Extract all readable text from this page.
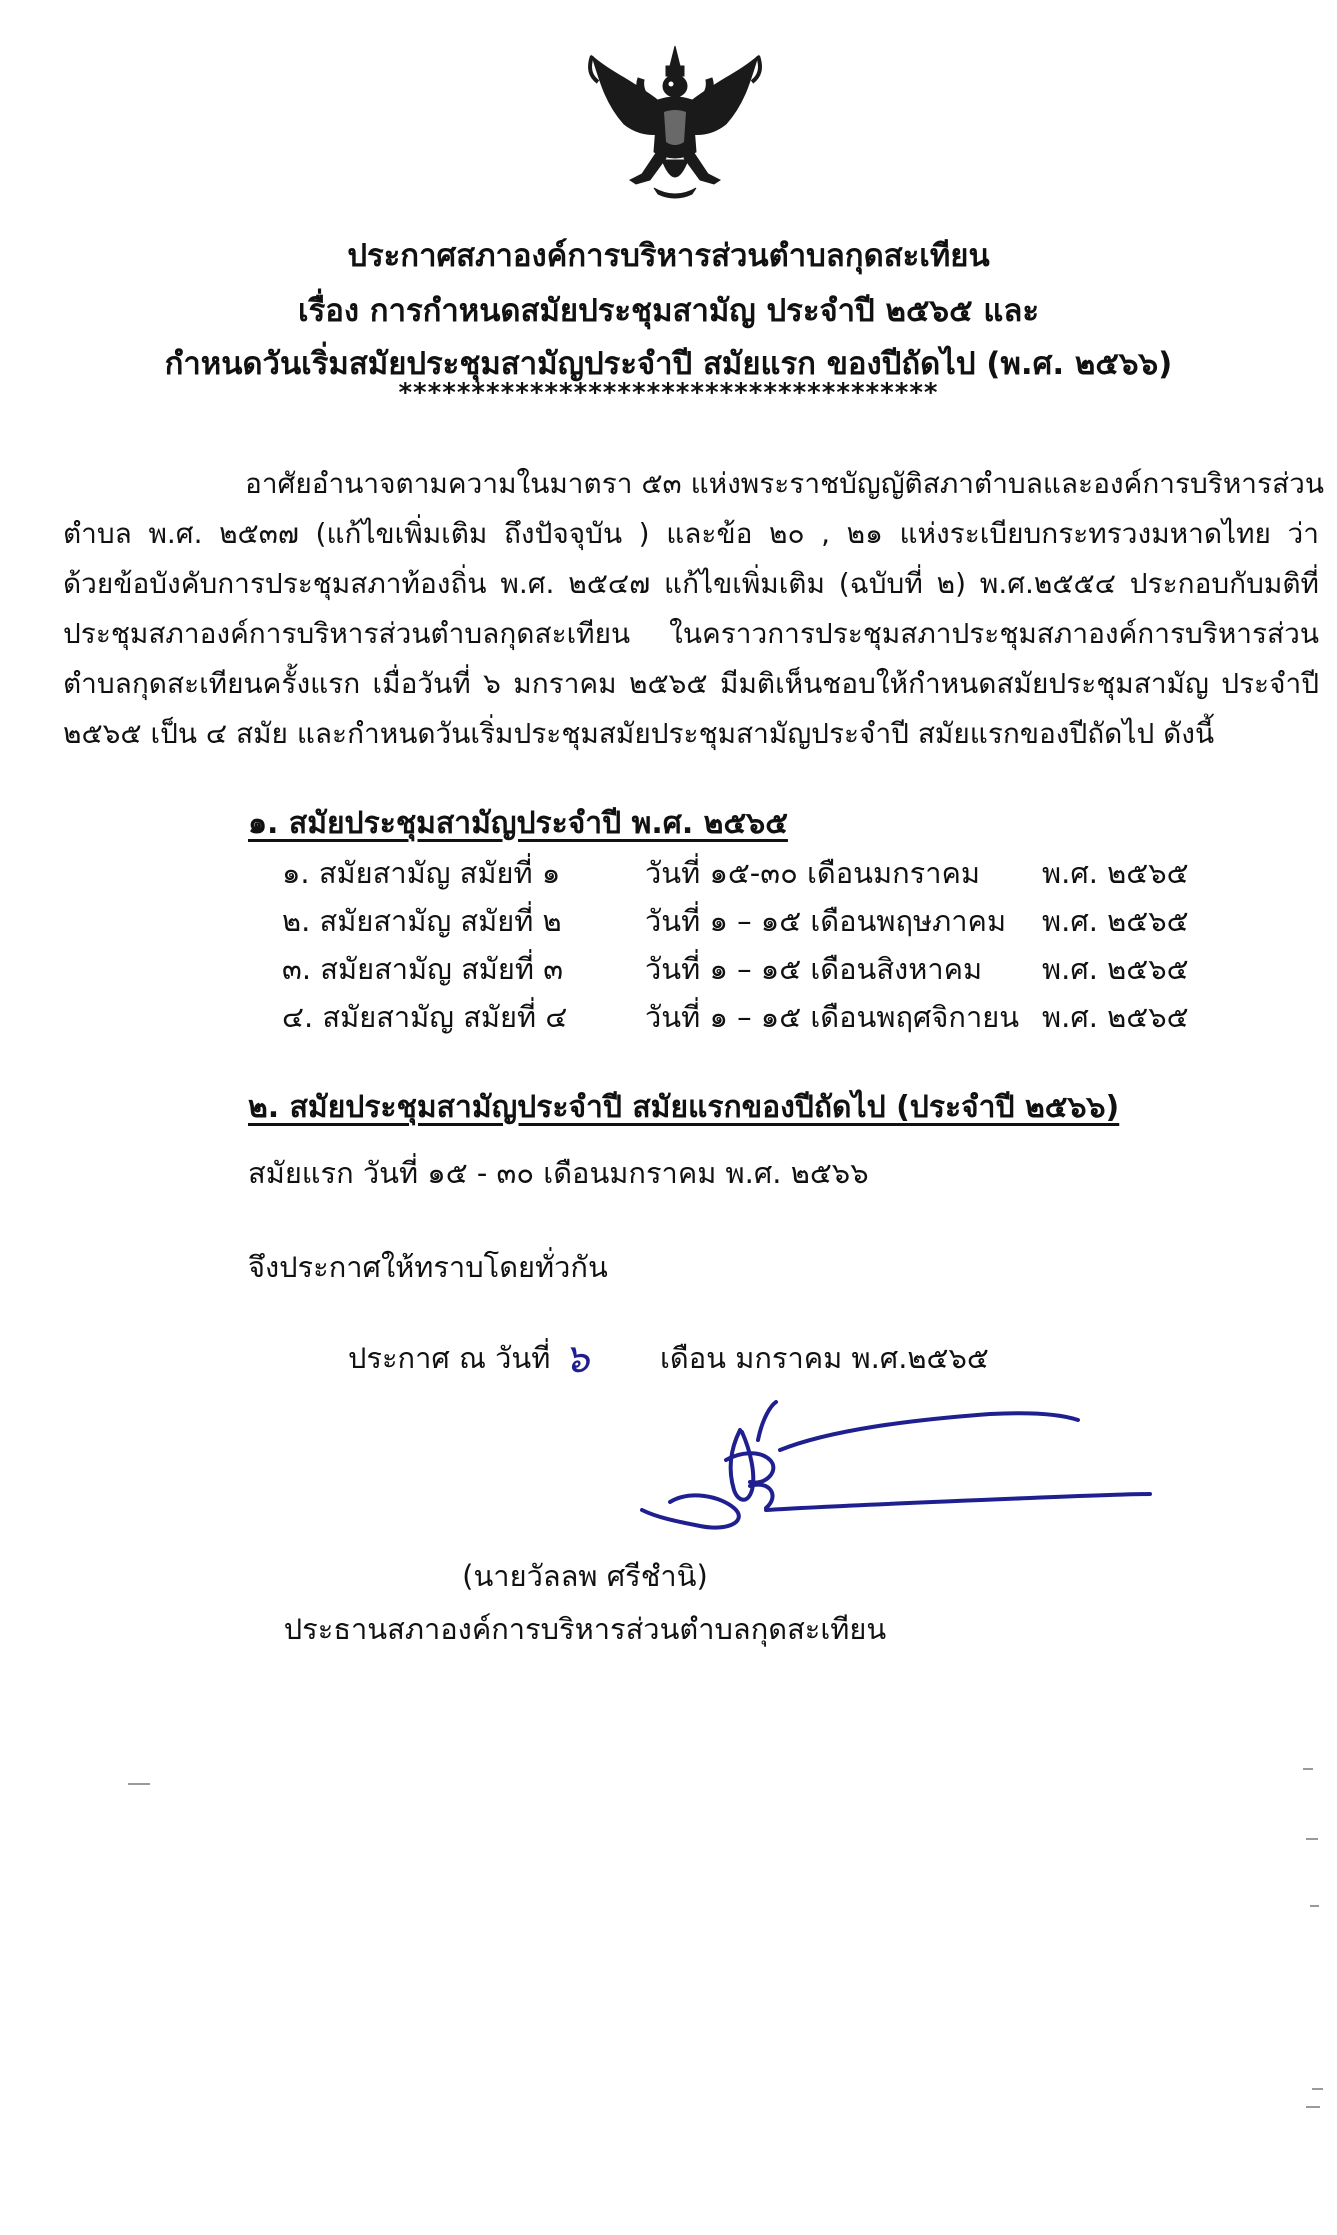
ประกาศสภาองค์การบริหารส่วนตำบลกุดสะเทียน
เรื่อง การกำหนดสมัยประชุมสามัญ ประจำปี ๒๕๖๕ และ
กำหนดวันเริ่มสมัยประชุมสามัญประจำปี สมัยแรก ของปีถัดไป (พ.ศ. ๒๕๖๖)
*************************************
อาศัยอำนาจตามความในมาตรา ๕๓ แห่งพระราชบัญญัติสภาตำบลและองค์การบริหารส่วน
ตำบล พ.ศ. ๒๕๓๗ (แก้ไขเพิ่มเติม ถึงปัจจุบัน ) และข้อ ๒๐ , ๒๑ แห่งระเบียบกระทรวงมหาดไทย ว่า
ด้วยข้อบังคับการประชุมสภาท้องถิ่น พ.ศ. ๒๕๔๗ แก้ไขเพิ่มเติม (ฉบับที่ ๒) พ.ศ.๒๕๕๔ ประกอบกับมติที่
ประชุมสภาองค์การบริหารส่วนตำบลกุดสะเทียน ในคราวการประชุมสภาประชุมสภาองค์การบริหารส่วน
ตำบลกุดสะเทียนครั้งแรก เมื่อวันที่ ๖ มกราคม ๒๕๖๕ มีมติเห็นชอบให้กำหนดสมัยประชุมสามัญ ประจำปี
๒๕๖๕ เป็น ๔ สมัย และกำหนดวันเริ่มประชุมสมัยประชุมสามัญประจำปี สมัยแรกของปีถัดไป ดังนี้
๑. สมัยประชุมสามัญประจำปี พ.ศ. ๒๕๖๕
๑. สมัยสามัญ สมัยที่ ๑	วันที่ ๑๕-๓๐ เดือนมกราคม พ.ศ. ๒๕๖๕
๒. สมัยสามัญ สมัยที่ ๒	วันที่ ๑ – ๑๕ เดือนพฤษภาคม พ.ศ. ๒๕๖๕
๓. สมัยสามัญ สมัยที่ ๓	วันที่ ๑ – ๑๕ เดือนสิงหาคม พ.ศ. ๒๕๖๕
๔. สมัยสามัญ สมัยที่ ๔	วันที่ ๑ – ๑๕ เดือนพฤศจิกายน พ.ศ. ๒๕๖๕
๒. สมัยประชุมสามัญประจำปี สมัยแรกของปีถัดไป (ประจำปี ๒๕๖๖)
สมัยแรก วันที่ ๑๕ - ๓๐ เดือนมกราคม พ.ศ. ๒๕๖๖
จึงประกาศให้ทราบโดยทั่วกัน
ประกาศ ณ วันที่ ๖ เดือน มกราคม พ.ศ.๒๕๖๕
(นายวัลลพ ศรีชำนิ)
ประธานสภาองค์การบริหารส่วนตำบลกุดสะเทียน
